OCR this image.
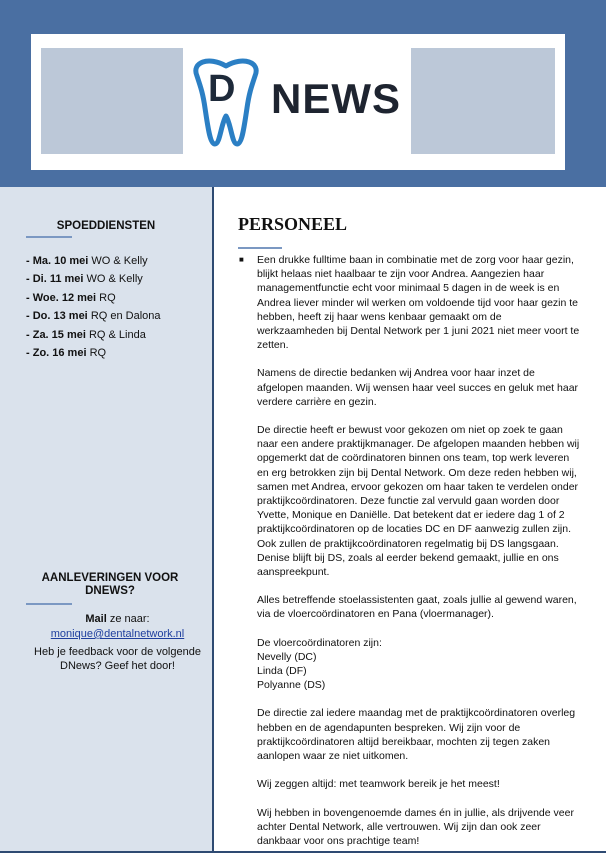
D NEWS
SPOEDDIENSTEN
- Ma. 10 mei WO & Kelly
- Di. 11 mei WO & Kelly
- Woe. 12 mei RQ
- Do. 13 mei RQ en Dalona
- Za. 15 mei RQ & Linda
- Zo. 16 mei RQ
AANLEVERINGEN VOOR DNEWS?
Mail ze naar:
monique@dentalnetwork.nl
Heb je feedback voor de volgende DNews? Geef het door!
PERSONEEL
■ Een drukke fulltime baan in combinatie met de zorg voor haar gezin, blijkt helaas niet haalbaar te zijn voor Andrea. Aangezien haar managementfunctie echt voor minimaal 5 dagen in de week is en Andrea liever minder wil werken om voldoende tijd voor haar gezin te hebben, heeft zij haar wens kenbaar gemaakt om de werkzaamheden bij Dental Network per 1 juni 2021 niet meer voort te zetten.

Namens de directie bedanken wij Andrea voor haar inzet de afgelopen maanden. Wij wensen haar veel succes en geluk met haar verdere carrière en gezin.

De directie heeft er bewust voor gekozen om niet op zoek te gaan naar een andere praktijkmanager. De afgelopen maanden hebben wij opgemerkt dat de coördinatoren binnen ons team, top werk leveren en erg betrokken zijn bij Dental Network. Om deze reden hebben wij, samen met Andrea, ervoor gekozen om haar taken te verdelen onder praktijkcoördinatoren. Deze functie zal vervuld gaan worden door Yvette, Monique en Daniëlle. Dat betekent dat er iedere dag 1 of 2 praktijkcoördinatoren op de locaties DC en DF aanwezig zullen zijn. Ook zullen de praktijkcoördinatoren regelmatig bij DS langsgaan. Denise blijft bij DS, zoals al eerder bekend gemaakt, jullie en ons aanspreekpunt.

Alles betreffende stoelassistenten gaat, zoals jullie al gewend waren, via de vloercoördinatoren en Pana (vloermanager).

De vloercoördinatoren zijn:
Nevelly (DC)
Linda (DF)
Polyanne (DS)

De directie zal iedere maandag met de praktijkcoördinatoren overleg hebben en de agendapunten bespreken. Wij zijn voor de praktijkcoördinatoren altijd bereikbaar, mochten zij tegen zaken aanlopen waar ze niet uitkomen.

Wij zeggen altijd: met teamwork bereik je het meest!

Wij hebben in bovengenoemde dames én in jullie, als drijvende veer achter Dental Network, alle vertrouwen. Wij zijn dan ook zeer dankbaar voor ons prachtige team!
